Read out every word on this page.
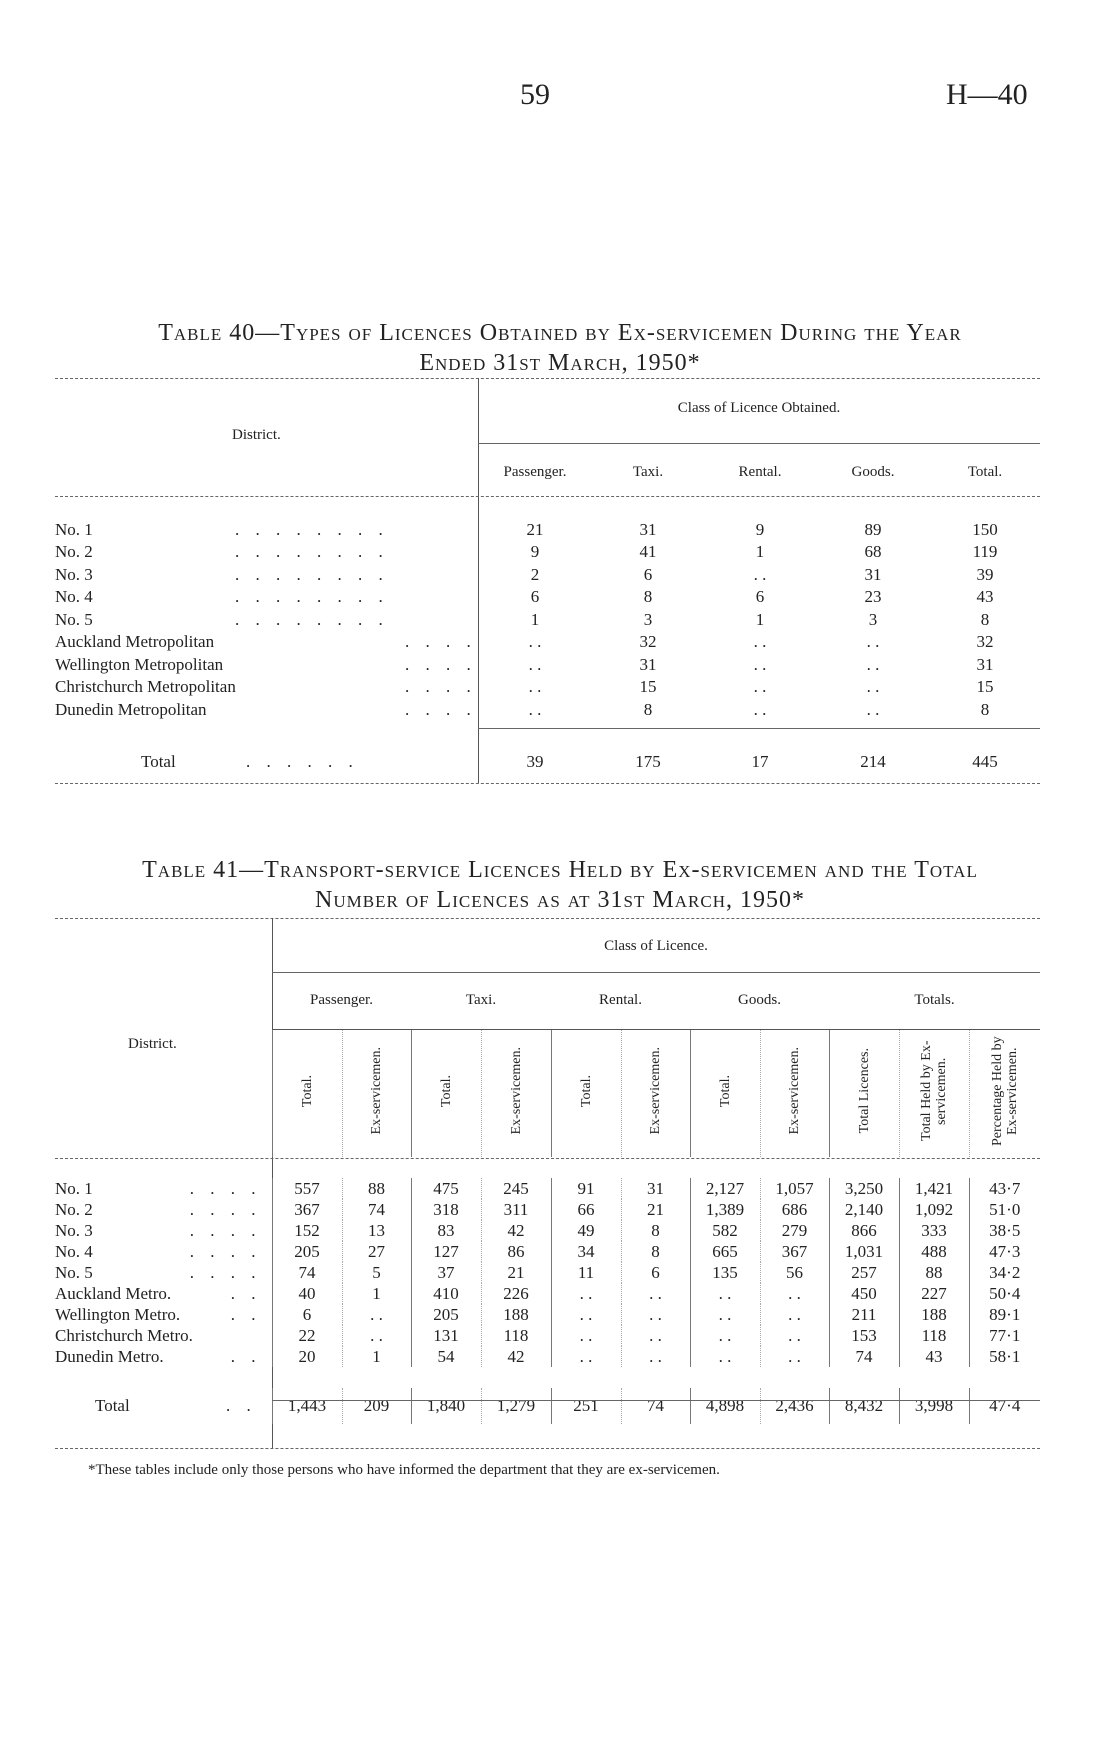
59	H—40
Table 40—Types of Licences Obtained by Ex-servicemen During the Year
Ended 31st March, 1950*
District.
Class of Licence Obtained.
	Passenger.	Taxi.	Rental.	Goods.	Total.

No. 1 . . . . . . . .	21	31	9	89	150
No. 2 . . . . . . . .	9	41	1	68	119
No. 3 . . . . . . . .	2	6	. .	31	39
No. 4 . . . . . . . .	6	8	6	23	43
No. 5 . . . . . . . .	1	3	1	3	8
Auckland Metropolitan . . . .	. .	32	. .	. .	32
Wellington Metropolitan . . . .	. .	31	. .	. .	31
Christchurch Metropolitan . . . .	. .	15	. .	. .	15
Dunedin Metropolitan . . . .	. .	8	. .	. .	8

Total . . . . . .	39	175	17	214	445
Table 41—Transport-service Licences Held by Ex-servicemen and the Total
Number of Licences as at 31st March, 1950*
Class of Licence.
District.
	Passenger.		Taxi.		Rental.		Goods.		Totals.		
	Total.	Ex-servicemen.	Total.	Ex-servicemen.	Total.	Ex-servicemen.	Total.	Ex-servicemen.	Total Licences.	Total Held by Ex-servicemen.	Percentage Held by Ex-servicemen.

No. 1 . . . .	557	88	475	245	91	31	2,127	1,057	3,250	1,421	43·7
No. 2 . . . .	367	74	318	311	66	21	1,389	686	2,140	1,092	51·0
No. 3 . . . .	152	13	83	42	49	8	582	279	866	333	38·5
No. 4 . . . .	205	27	127	86	34	8	665	367	1,031	488	47·3
No. 5 . . . .	74	5	37	21	11	6	135	56	257	88	34·2
Auckland Metro. . .	40	1	410	226	. .	. .	. .	. .	450	227	50·4
Wellington Metro. . .	6	. .	205	188	. .	. .	. .	. .	211	188	89·1
Christchurch Metro.	22	. .	131	118	. .	. .	. .	. .	153	118	77·1
Dunedin Metro. . .	20	1	54	42	. .	. .	. .	. .	74	43	58·1

Total . .	1,443	209	1,840	1,279	251	74	4,898	2,436	8,432	3,998	47·4
*These tables include only those persons who have informed the department that they are ex-servicemen.
